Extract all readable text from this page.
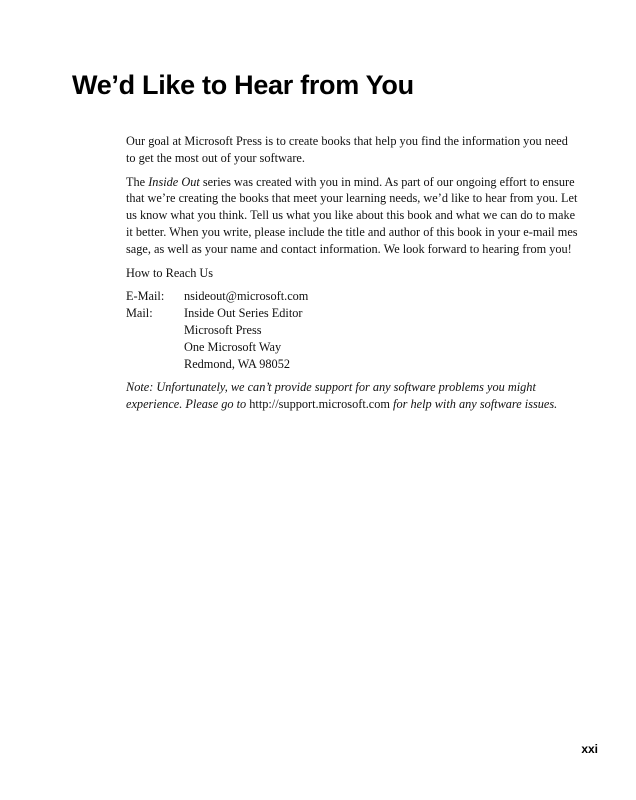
We’d Like to Hear from You

Our goal at Microsoft Press is to create books that help you find the information you need to get the most out of your software.

The Inside Out series was created with you in mind. As part of our ongoing effort to ensure that we’re creating the books that meet your learning needs, we’d like to hear from you. Let us know what you think. Tell us what you like about this book and what we can do to make it better. When you write, please include the title and author of this book in your e-mail mes sage, as well as your name and contact information. We look forward to hearing from you!

How to Reach Us

E-Mail:	nsideout@microsoft.com
Mail:	Inside Out Series Editor
Microsoft Press
One Microsoft Way
Redmond, WA 98052

Note: Unfortunately, we can’t provide support for any software problems you might experience. Please go to http://support.microsoft.com for help with any software issues.

xxi
